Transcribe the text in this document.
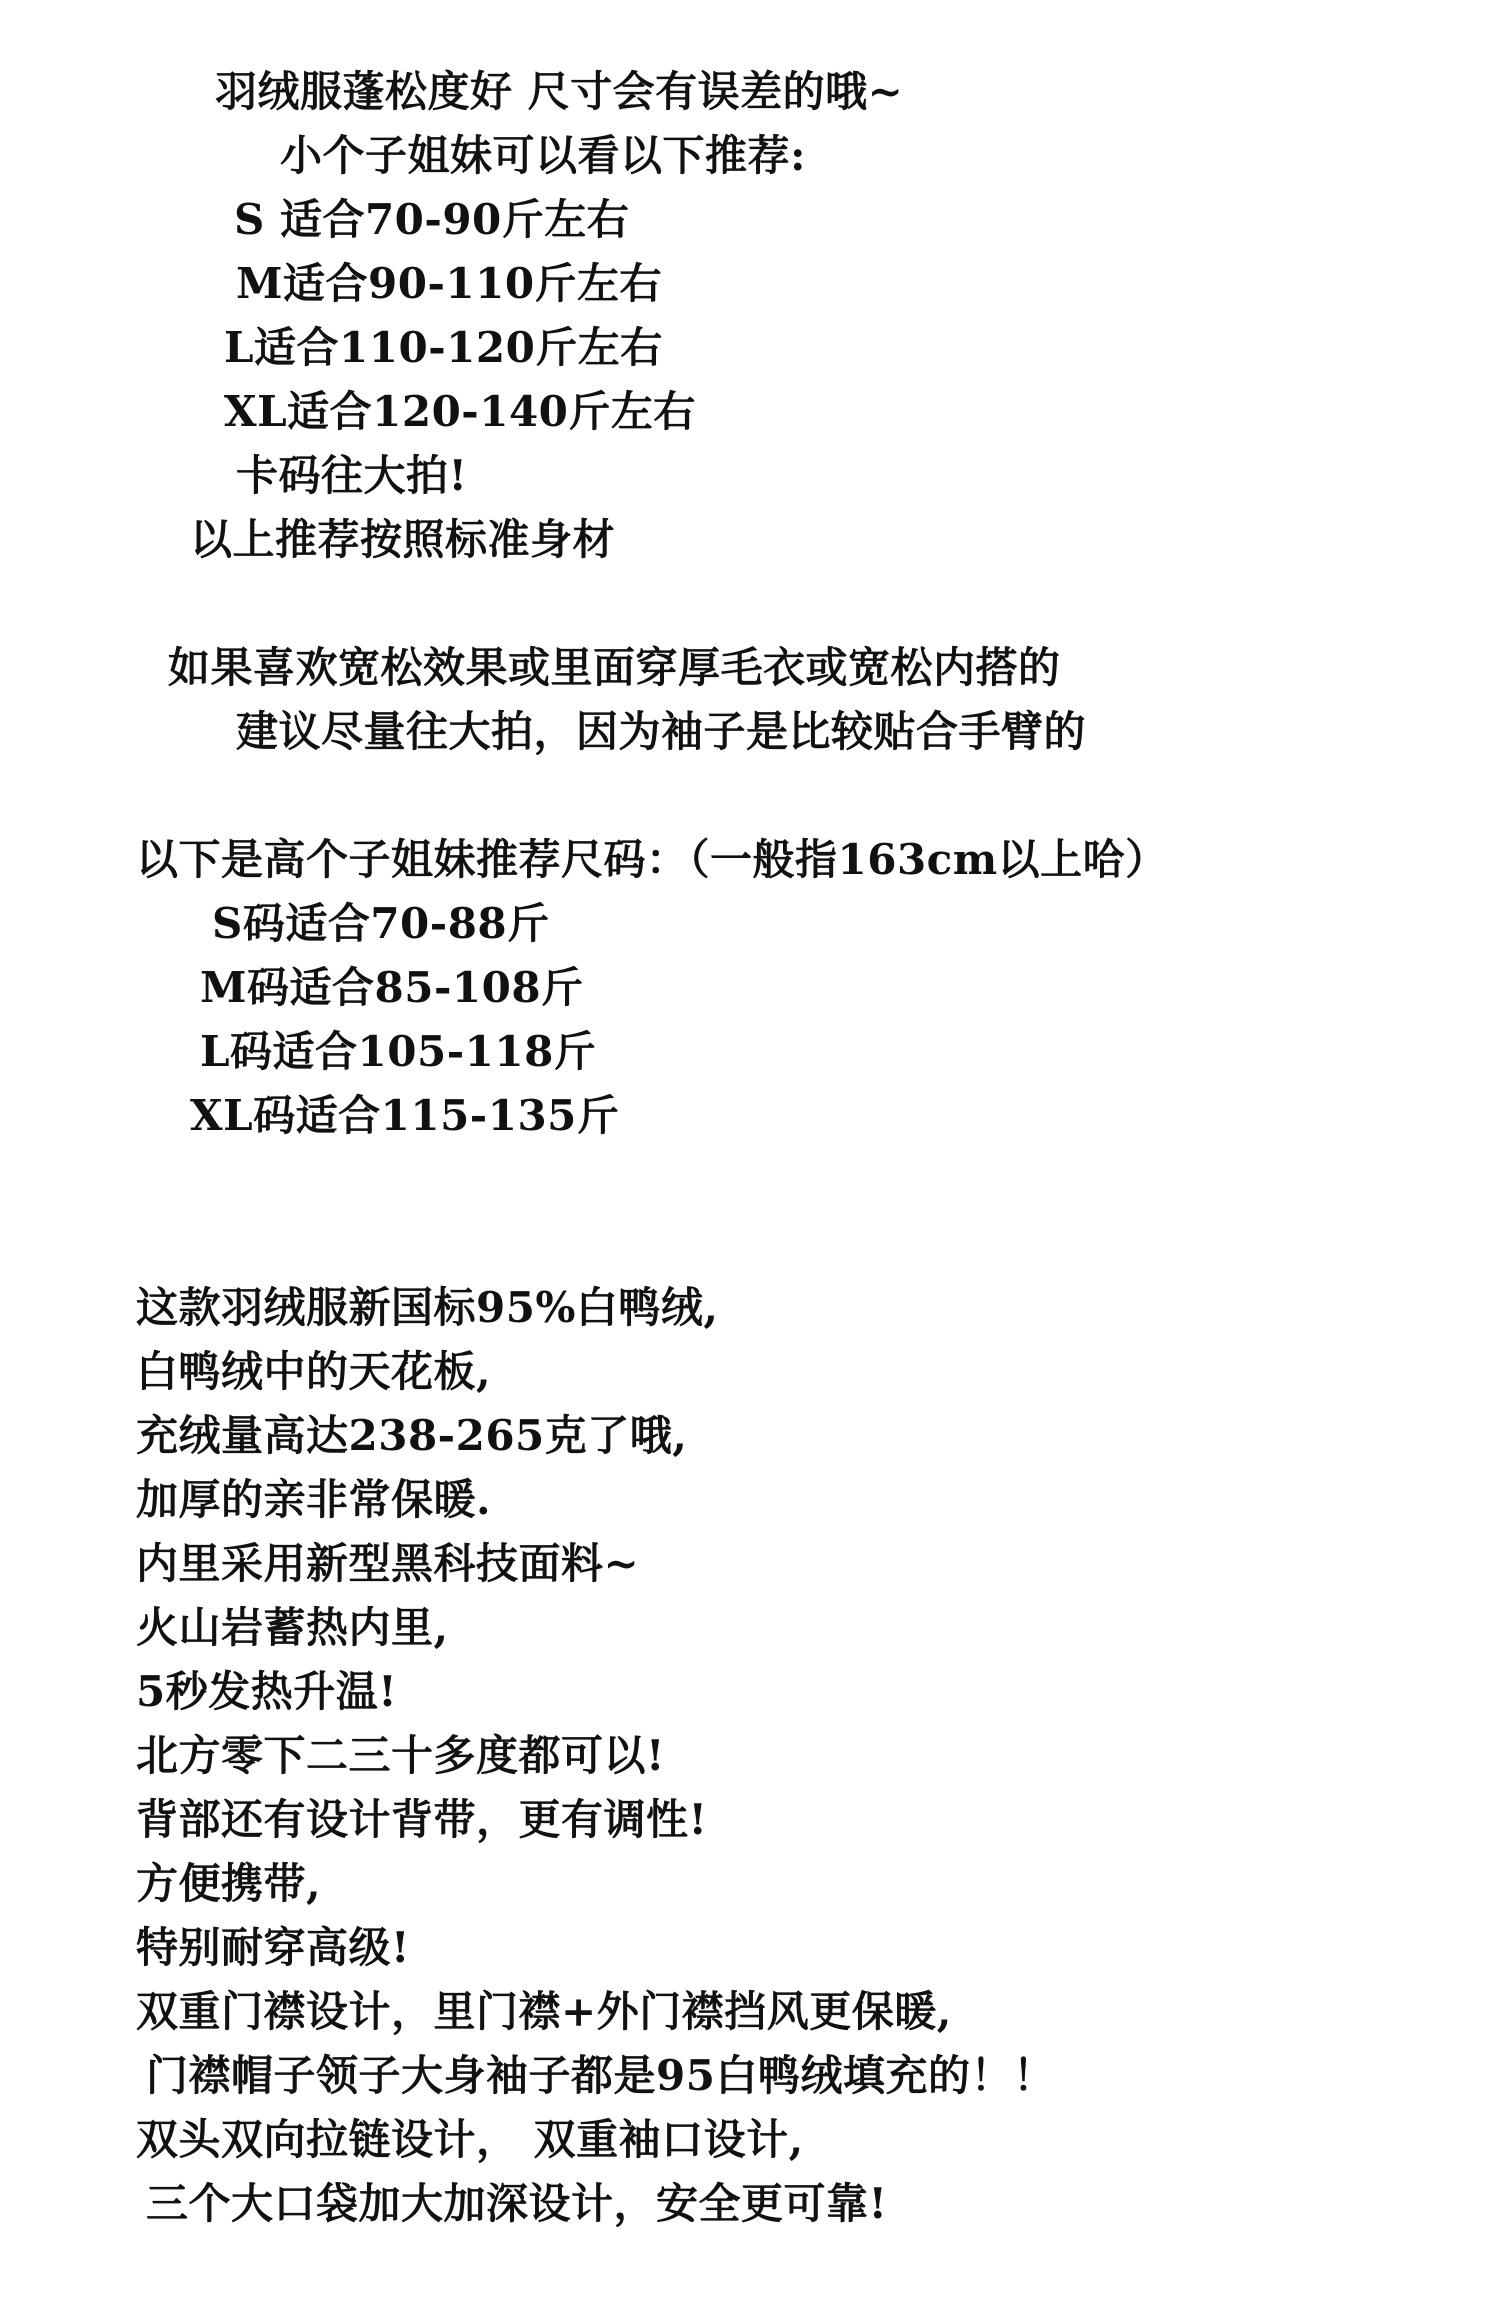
羽绒服蓬松度好 尺寸会有误差的哦~
小个子姐妹可以看以下推荐:
S 适合70-90斤左右
M适合90-110斤左右
L适合110-120斤左右
XL适合120-140斤左右
卡码往大拍!
以上推荐按照标准身材
如果喜欢宽松效果或里面穿厚毛衣或宽松内搭的
建议尽量往大拍，因为袖子是比较贴合手臂的
以下是高个子姐妹推荐尺码：（一般指163cm以上哈）
S码适合70-88斤
M码适合85-108斤
L码适合105-118斤
XL码适合115-135斤
这款羽绒服新国标95%白鸭绒,
白鸭绒中的天花板,
充绒量高达238-265克了哦,
加厚的亲非常保暖.
内里采用新型黑科技面料~
火山岩蓄热内里,
5秒发热升温!
北方零下二三十多度都可以!
背部还有设计背带，更有调性!
方便携带,
特别耐穿高级!
双重门襟设计，里门襟+外门襟挡风更保暖,
门襟帽子领子大身袖子都是95白鸭绒填充的！！
双头双向拉链设计， 双重袖口设计,
三个大口袋加大加深设计，安全更可靠!
